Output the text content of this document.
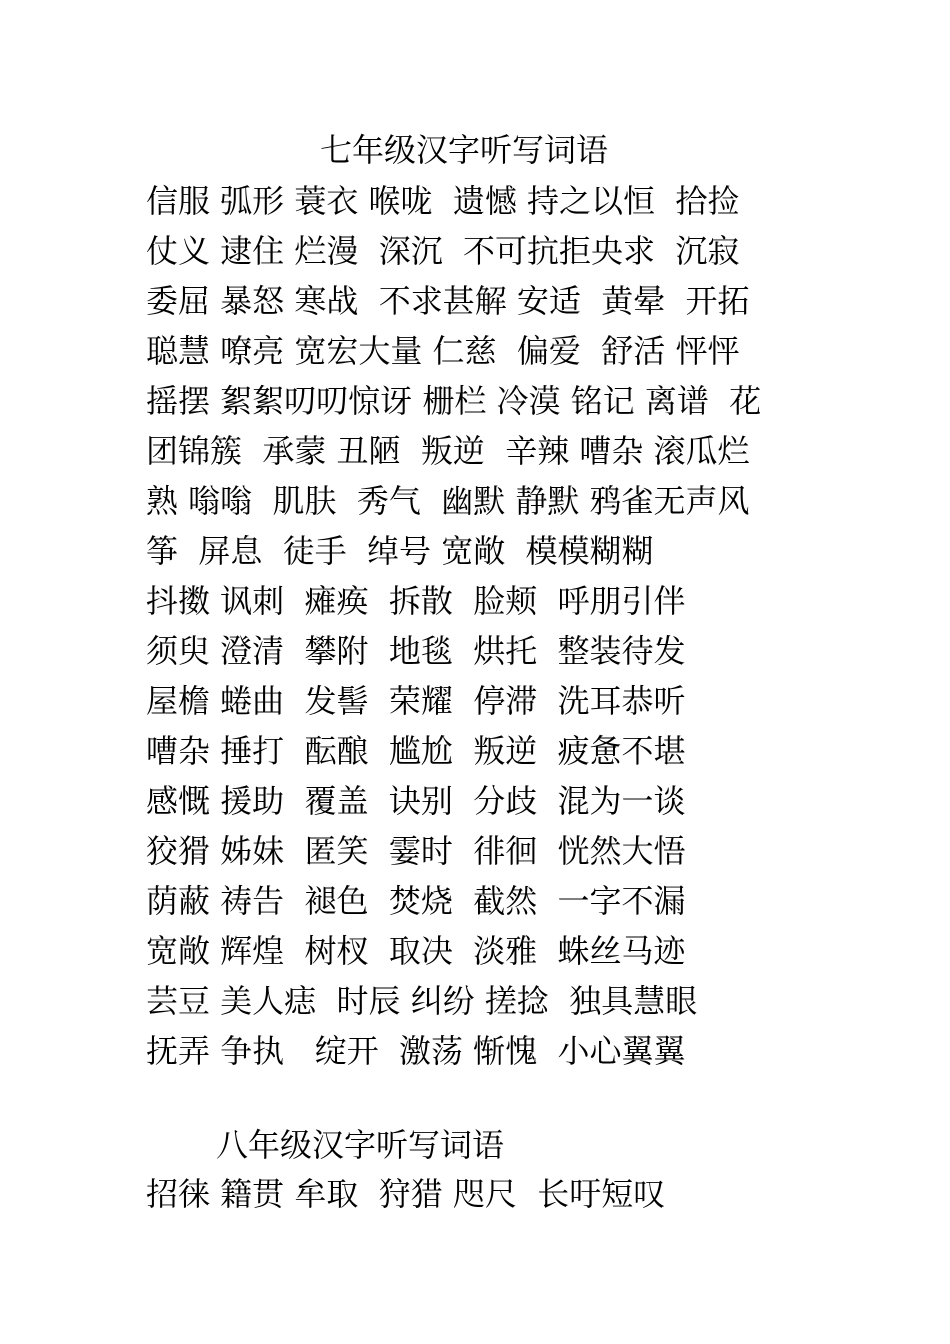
七年级汉字听写词语
信服 弧形 蓑衣 喉咙  遗憾 持之以恒  拾捡
仗义 逮住 烂漫  深沉  不可抗拒央求  沉寂
委屈 暴怒 寒战  不求甚解 安适  黄晕  开拓
聪慧 嘹亮 宽宏大量 仁慈  偏爱  舒活 怦怦
摇摆 絮絮叨叨惊讶 栅栏 冷漠 铭记 离谱  花
团锦簇  承蒙 丑陋  叛逆  辛辣 嘈杂 滚瓜烂
熟 嗡嗡  肌肤  秀气  幽默 静默 鸦雀无声风
筝  屏息  徒手  绰号 宽敞  模模糊糊
抖擞 讽刺  瘫痪  拆散  脸颊  呼朋引伴
须臾 澄清  攀附  地毯  烘托  整装待发
屋檐 蜷曲  发髻  荣耀  停滞  洗耳恭听
嘈杂 捶打  酝酿  尴尬  叛逆  疲惫不堪
感慨 援助  覆盖  诀别  分歧  混为一谈
狡猾 姊妹  匿笑  霎时  徘徊  恍然大悟
荫蔽 祷告  褪色  焚烧  截然  一字不漏
宽敞 辉煌  树杈  取决  淡雅  蛛丝马迹
芸豆 美人痣  时辰 纠纷 搓捻  独具慧眼
抚弄 争执   绽开  激荡 惭愧  小心翼翼
八年级汉字听写词语
招徕 籍贯 牟取  狩猎 咫尺  长吁短叹
